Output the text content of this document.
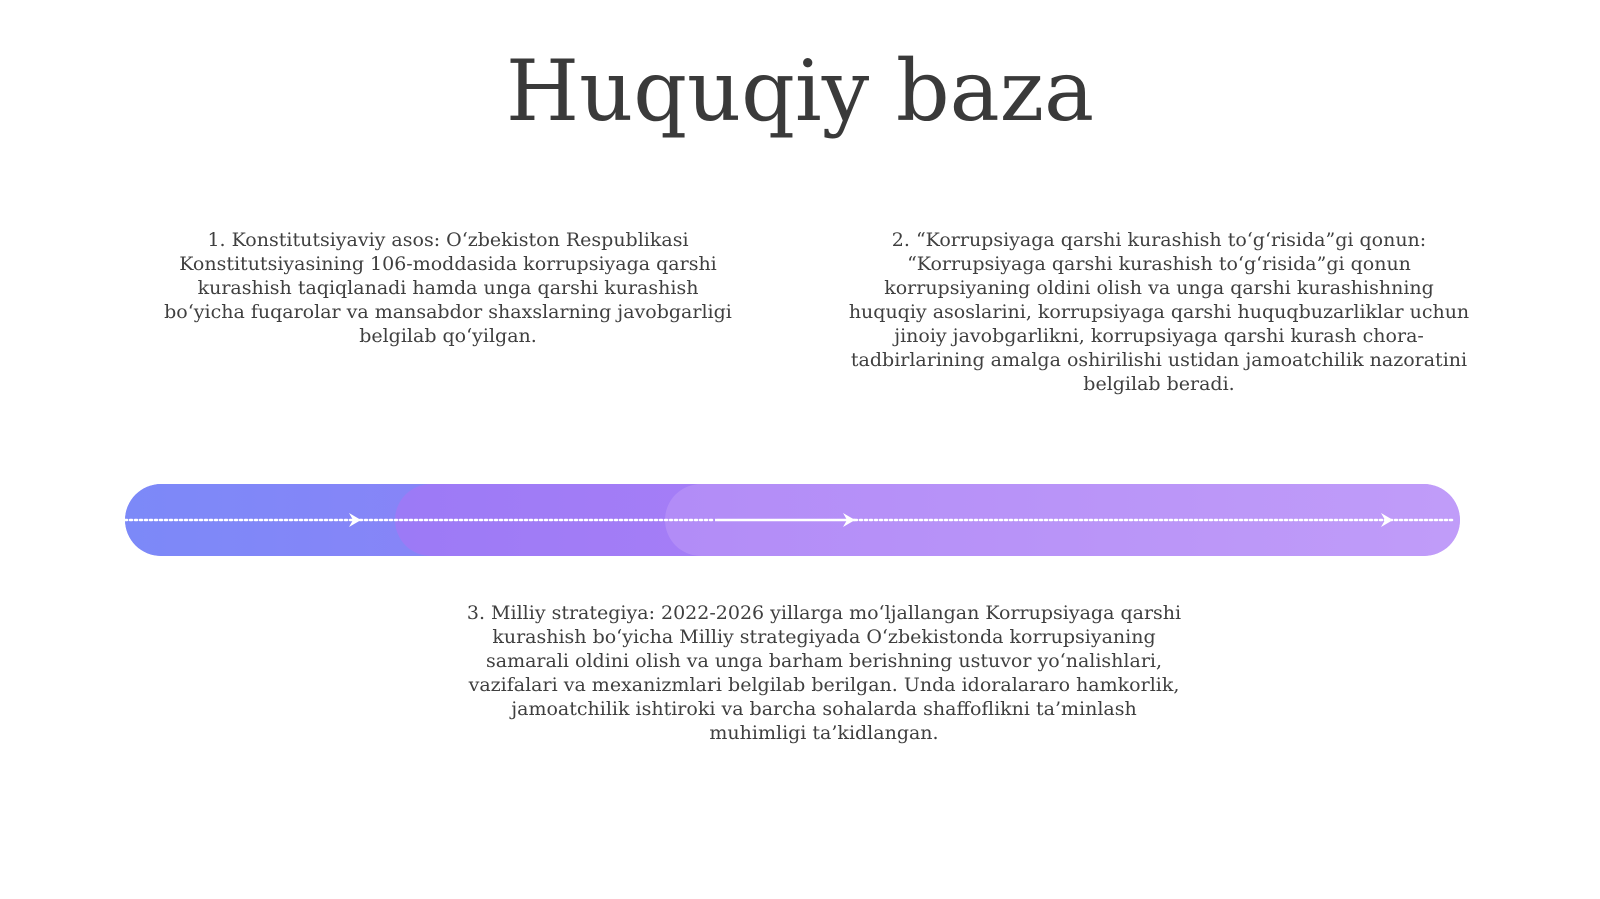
Huquqiy baza
1. Konstitutsiyaviy asos: O‘zbekiston Respublikasi Konstitutsiyasining 106-moddasida korrupsiyaga qarshi kurashish taqiqlanadi hamda unga qarshi kurashish bo‘yicha fuqarolar va mansabdor shaxslarning javobgarligi belgilab qo‘yilgan.
2. “Korrupsiyaga qarshi kurashish to‘g‘risida”gi qonun: “Korrupsiyaga qarshi kurashish to‘g‘risida”gi qonun korrupsiyaning oldini olish va unga qarshi kurashishning huquqiy asoslarini, korrupsiyaga qarshi huquqbuzarliklar uchun jinoiy javobgarlikni, korrupsiyaga qarshi kurash chora-tadbirlarining amalga oshirilishi ustidan jamoatchilik nazoratini belgilab beradi.
3. Milliy strategiya: 2022-2026 yillarga mo‘ljallangan Korrupsiyaga qarshi kurashish bo‘yicha Milliy strategiyada O‘zbekistonda korrupsiyaning samarali oldini olish va unga barham berishning ustuvor yo‘nalishlari, vazifalari va mexanizmlari belgilab berilgan. Unda idoralararo hamkorlik, jamoatchilik ishtiroki va barcha sohalarda shaffoflikni ta’minlash muhimligi ta’kidlangan.
